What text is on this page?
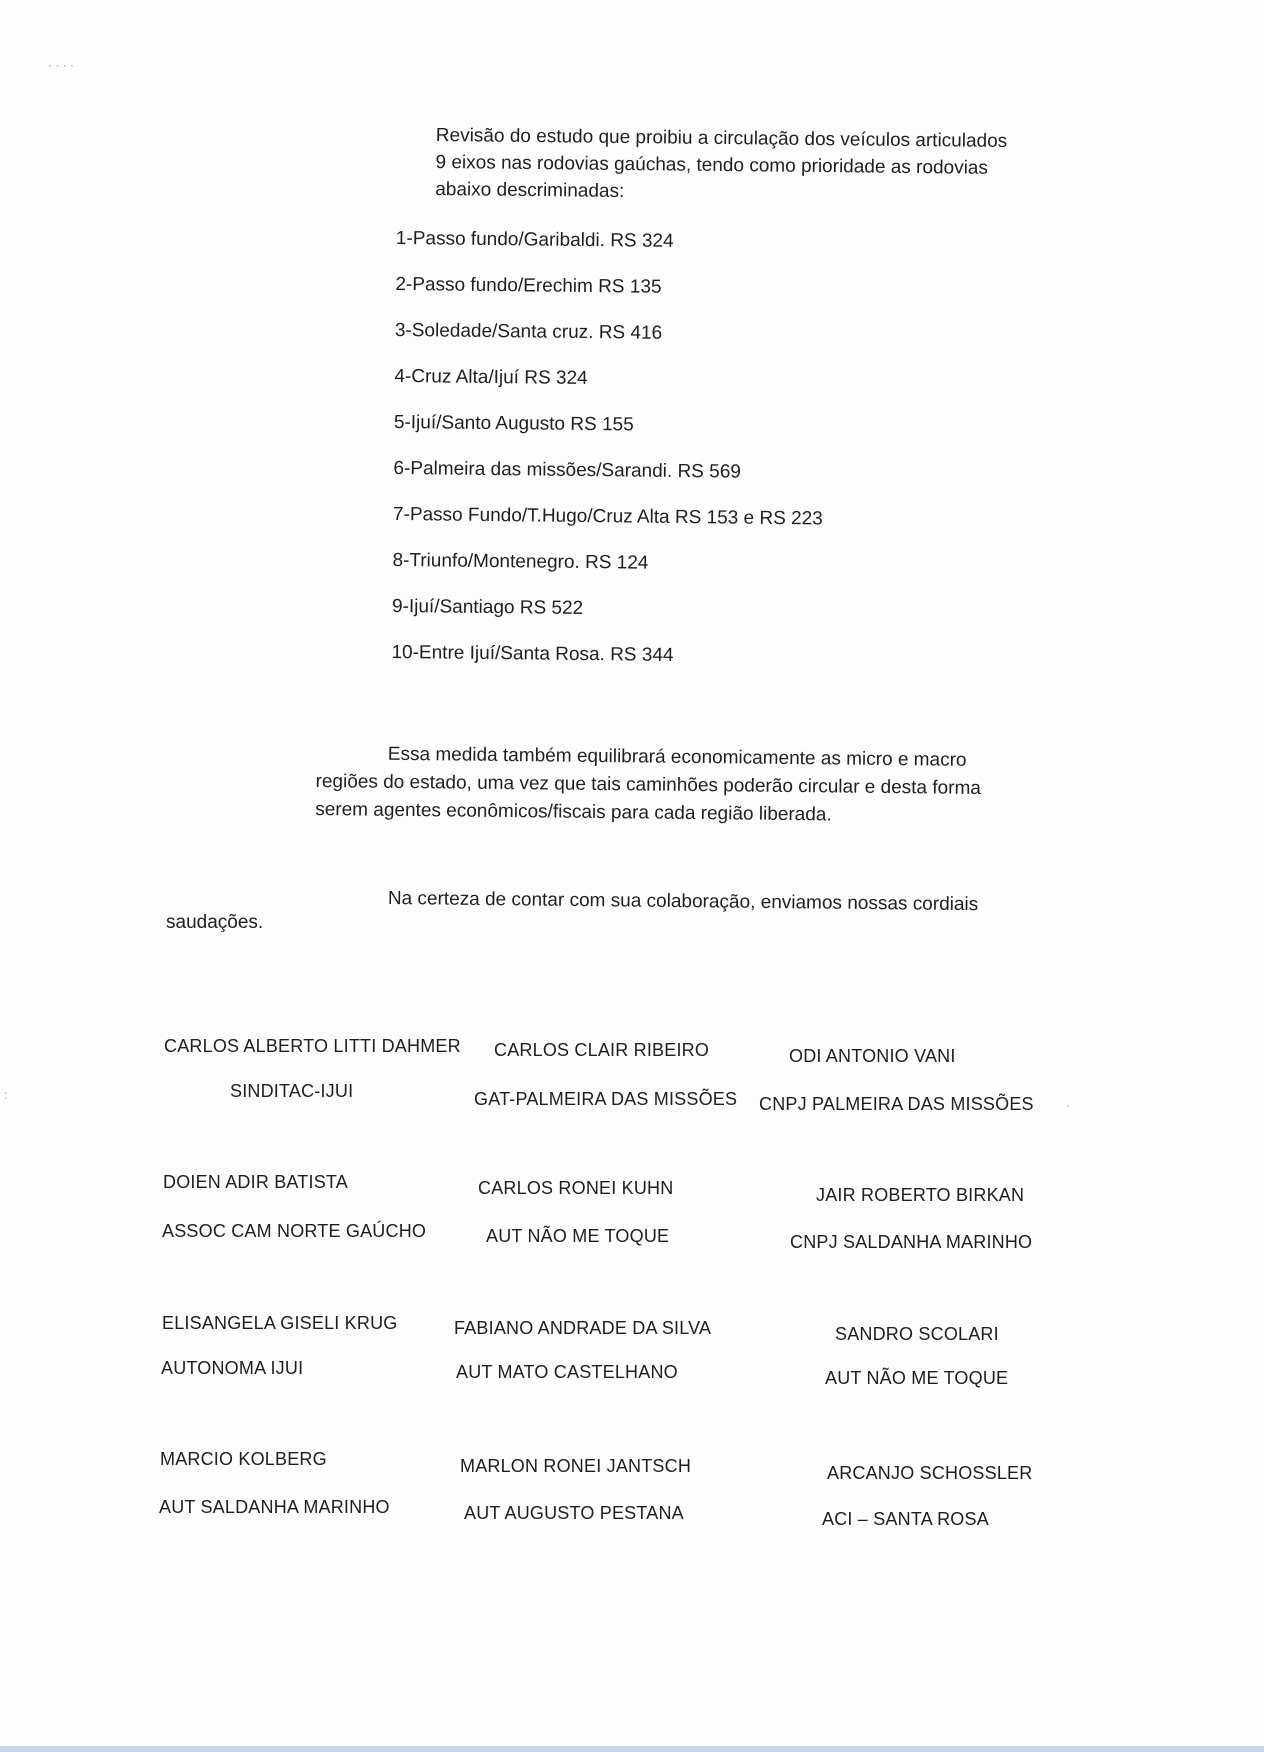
Revisão do estudo que proibiu a circulação dos veículos articulados
9 eixos nas rodovias gaúchas, tendo como prioridade as rodovias
abaixo descriminadas:
1-Passo fundo/Garibaldi. RS 324
2-Passo fundo/Erechim RS 135
3-Soledade/Santa cruz. RS 416
4-Cruz Alta/Ijuí RS 324
5-Ijuí/Santo Augusto RS 155
6-Palmeira das missões/Sarandi. RS 569
7-Passo Fundo/T.Hugo/Cruz Alta RS 153 e RS 223
8-Triunfo/Montenegro. RS 124
9-Ijuí/Santiago RS 522
10-Entre Ijuí/Santa Rosa. RS 344
Essa medida também equilibrará economicamente as micro e macro
regiões do estado, uma vez que tais caminhões poderão circular e desta forma
serem agentes econômicos/fiscais para cada região liberada.
Na certeza de contar com sua colaboração, enviamos nossas cordiais
saudações.
CARLOS ALBERTO LITTI DAHMER
SINDITAC-IJUI
CARLOS CLAIR RIBEIRO
GAT-PALMEIRA DAS MISSÕES
ODI ANTONIO VANI
CNPJ PALMEIRA DAS MISSÕES
DOIEN ADIR BATISTA
ASSOC CAM NORTE GAÚCHO
CARLOS RONEI KUHN
AUT NÃO ME TOQUE
JAIR ROBERTO BIRKAN
CNPJ SALDANHA MARINHO
ELISANGELA GISELI KRUG
AUTONOMA IJUI
FABIANO ANDRADE DA SILVA
AUT MATO CASTELHANO
SANDRO SCOLARI
AUT NÃO ME TOQUE
MARCIO KOLBERG
AUT SALDANHA MARINHO
MARLON RONEI JANTSCH
AUT AUGUSTO PESTANA
ARCANJO SCHOSSLER
ACI – SANTA ROSA
· · · ·
:
·
